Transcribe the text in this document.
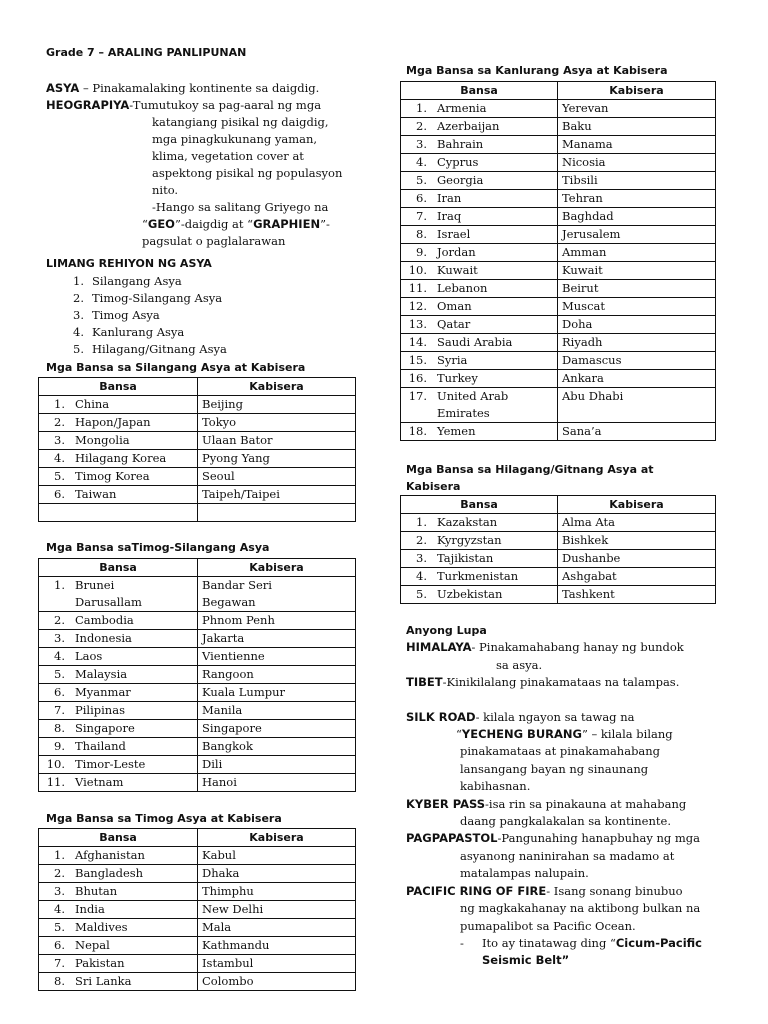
Grade 7 – ARALING PANLIPUNAN
ASYA – Pinakamalaking kontinente sa daigdig.
HEOGRAPIYA-Tumutukoy sa pag-aaral ng mga
katangiang pisikal ng daigdig,
mga pinagkukunang yaman,
klima, vegetation cover at
aspektong pisikal ng populasyon
nito.
-Hango sa salitang Griyego na
“GEO”-daigdig at “GRAPHIEN”-
pagsulat o paglalarawan
LIMANG REHIYON NG ASYA
1. Silangang Asya
2. Timog-Silangang Asya
3. Timog Asya
4. Kanlurang Asya
5. Hilagang/Gitnang Asya
Mga Bansa sa Silangang Asya at Kabisera
Bansa	Kabisera
1. China	Beijing
2. Hapon/Japan	Tokyo
3. Mongolia	Ulaan Bator
4. Hilagang Korea	Pyong Yang
5. Timog Korea	Seoul
6. Taiwan	Taipeh/Taipei

Mga Bansa saTimog-Silangang Asya
Bansa	Kabisera
1. Brunei	Bandar Seri
Darusallam	Begawan
2. Cambodia	Phnom Penh
3. Indonesia	Jakarta
4. Laos	Vientienne
5. Malaysia	Rangoon
6. Myanmar	Kuala Lumpur
7. Pilipinas	Manila
8. Singapore	Singapore
9. Thailand	Bangkok
10. Timor-Leste	Dili
11. Vietnam	Hanoi
Mga Bansa sa Timog Asya at Kabisera
Bansa	Kabisera
1. Afghanistan	Kabul
2. Bangladesh	Dhaka
3. Bhutan	Thimphu
4. India	New Delhi
5. Maldives	Mala
6. Nepal	Kathmandu
7. Pakistan	Istambul
8. Sri Lanka	Colombo
Mga Bansa sa Kanlurang Asya at Kabisera
Bansa	Kabisera
1. Armenia	Yerevan
2. Azerbaijan	Baku
3. Bahrain	Manama
4. Cyprus	Nicosia
5. Georgia	Tibsili
6. Iran	Tehran
7. Iraq	Baghdad
8. Israel	Jerusalem
9. Jordan	Amman
10. Kuwait	Kuwait
11. Lebanon	Beirut
12. Oman	Muscat
13. Qatar	Doha
14. Saudi Arabia	Riyadh
15. Syria	Damascus
16. Turkey	Ankara
17. United Arab	Abu Dhabi
Emirates	
18. Yemen	Sana’a
Mga Bansa sa Hilagang/Gitnang Asya at
Kabisera
Bansa	Kabisera
1. Kazakstan	Alma Ata
2. Kyrgyzstan	Bishkek
3. Tajikistan	Dushanbe
4. Turkmenistan	Ashgabat
5. Uzbekistan	Tashkent
Anyong Lupa
HIMALAYA- Pinakamahabang hanay ng bundok
sa asya.
TIBET-Kinikilalang pinakamataas na talampas.
SILK ROAD- kilala ngayon sa tawag na
“YECHENG BURANG” – kilala bilang
pinakamataas at pinakamahabang
lansangang bayan ng sinaunang
kabihasnan.
KYBER PASS-isa rin sa pinakauna at mahabang
daang pangkalakalan sa kontinente.
PAGPAPASTOL-Pangunahing hanapbuhay ng mga
asyanong naninirahan sa madamo at
matalampas nalupain.
PACIFIC RING OF FIRE- Isang sonang binubuo
ng magkakahanay na aktibong bulkan na
pumapalibot sa Pacific Ocean.
- Ito ay tinatawag ding “Cicum-Pacific
Seismic Belt”
